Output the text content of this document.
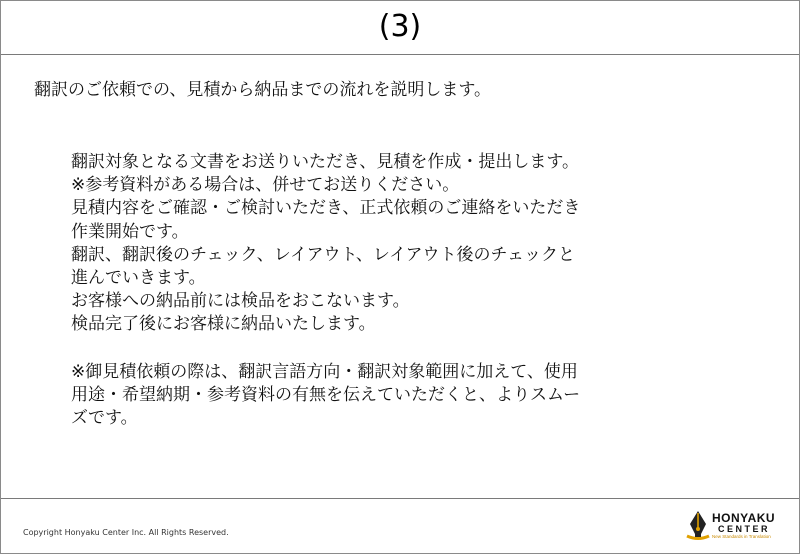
(3)
翻訳のご依頼での、見積から納品までの流れを説明します。

翻訳対象となる文書をお送りいただき、見積を作成・提出します。
※参考資料がある場合は、併せてお送りください。
見積内容をご確認・ご検討いただき、正式依頼のご連絡をいただき
作業開始です。
翻訳、翻訳後のチェック、レイアウト、レイアウト後のチェックと
進んでいきます。
お客様への納品前には検品をおこないます。
検品完了後にお客様に納品いたします。

※御見積依頼の際は、翻訳言語方向・翻訳対象範囲に加えて、使用
用途・希望納期・参考資料の有無を伝えていただくと、よりスムー
ズです。

Copyright Honyaku Center Inc. All Rights Reserved.
HONYAKU
CENTER
New Standards in Translation
